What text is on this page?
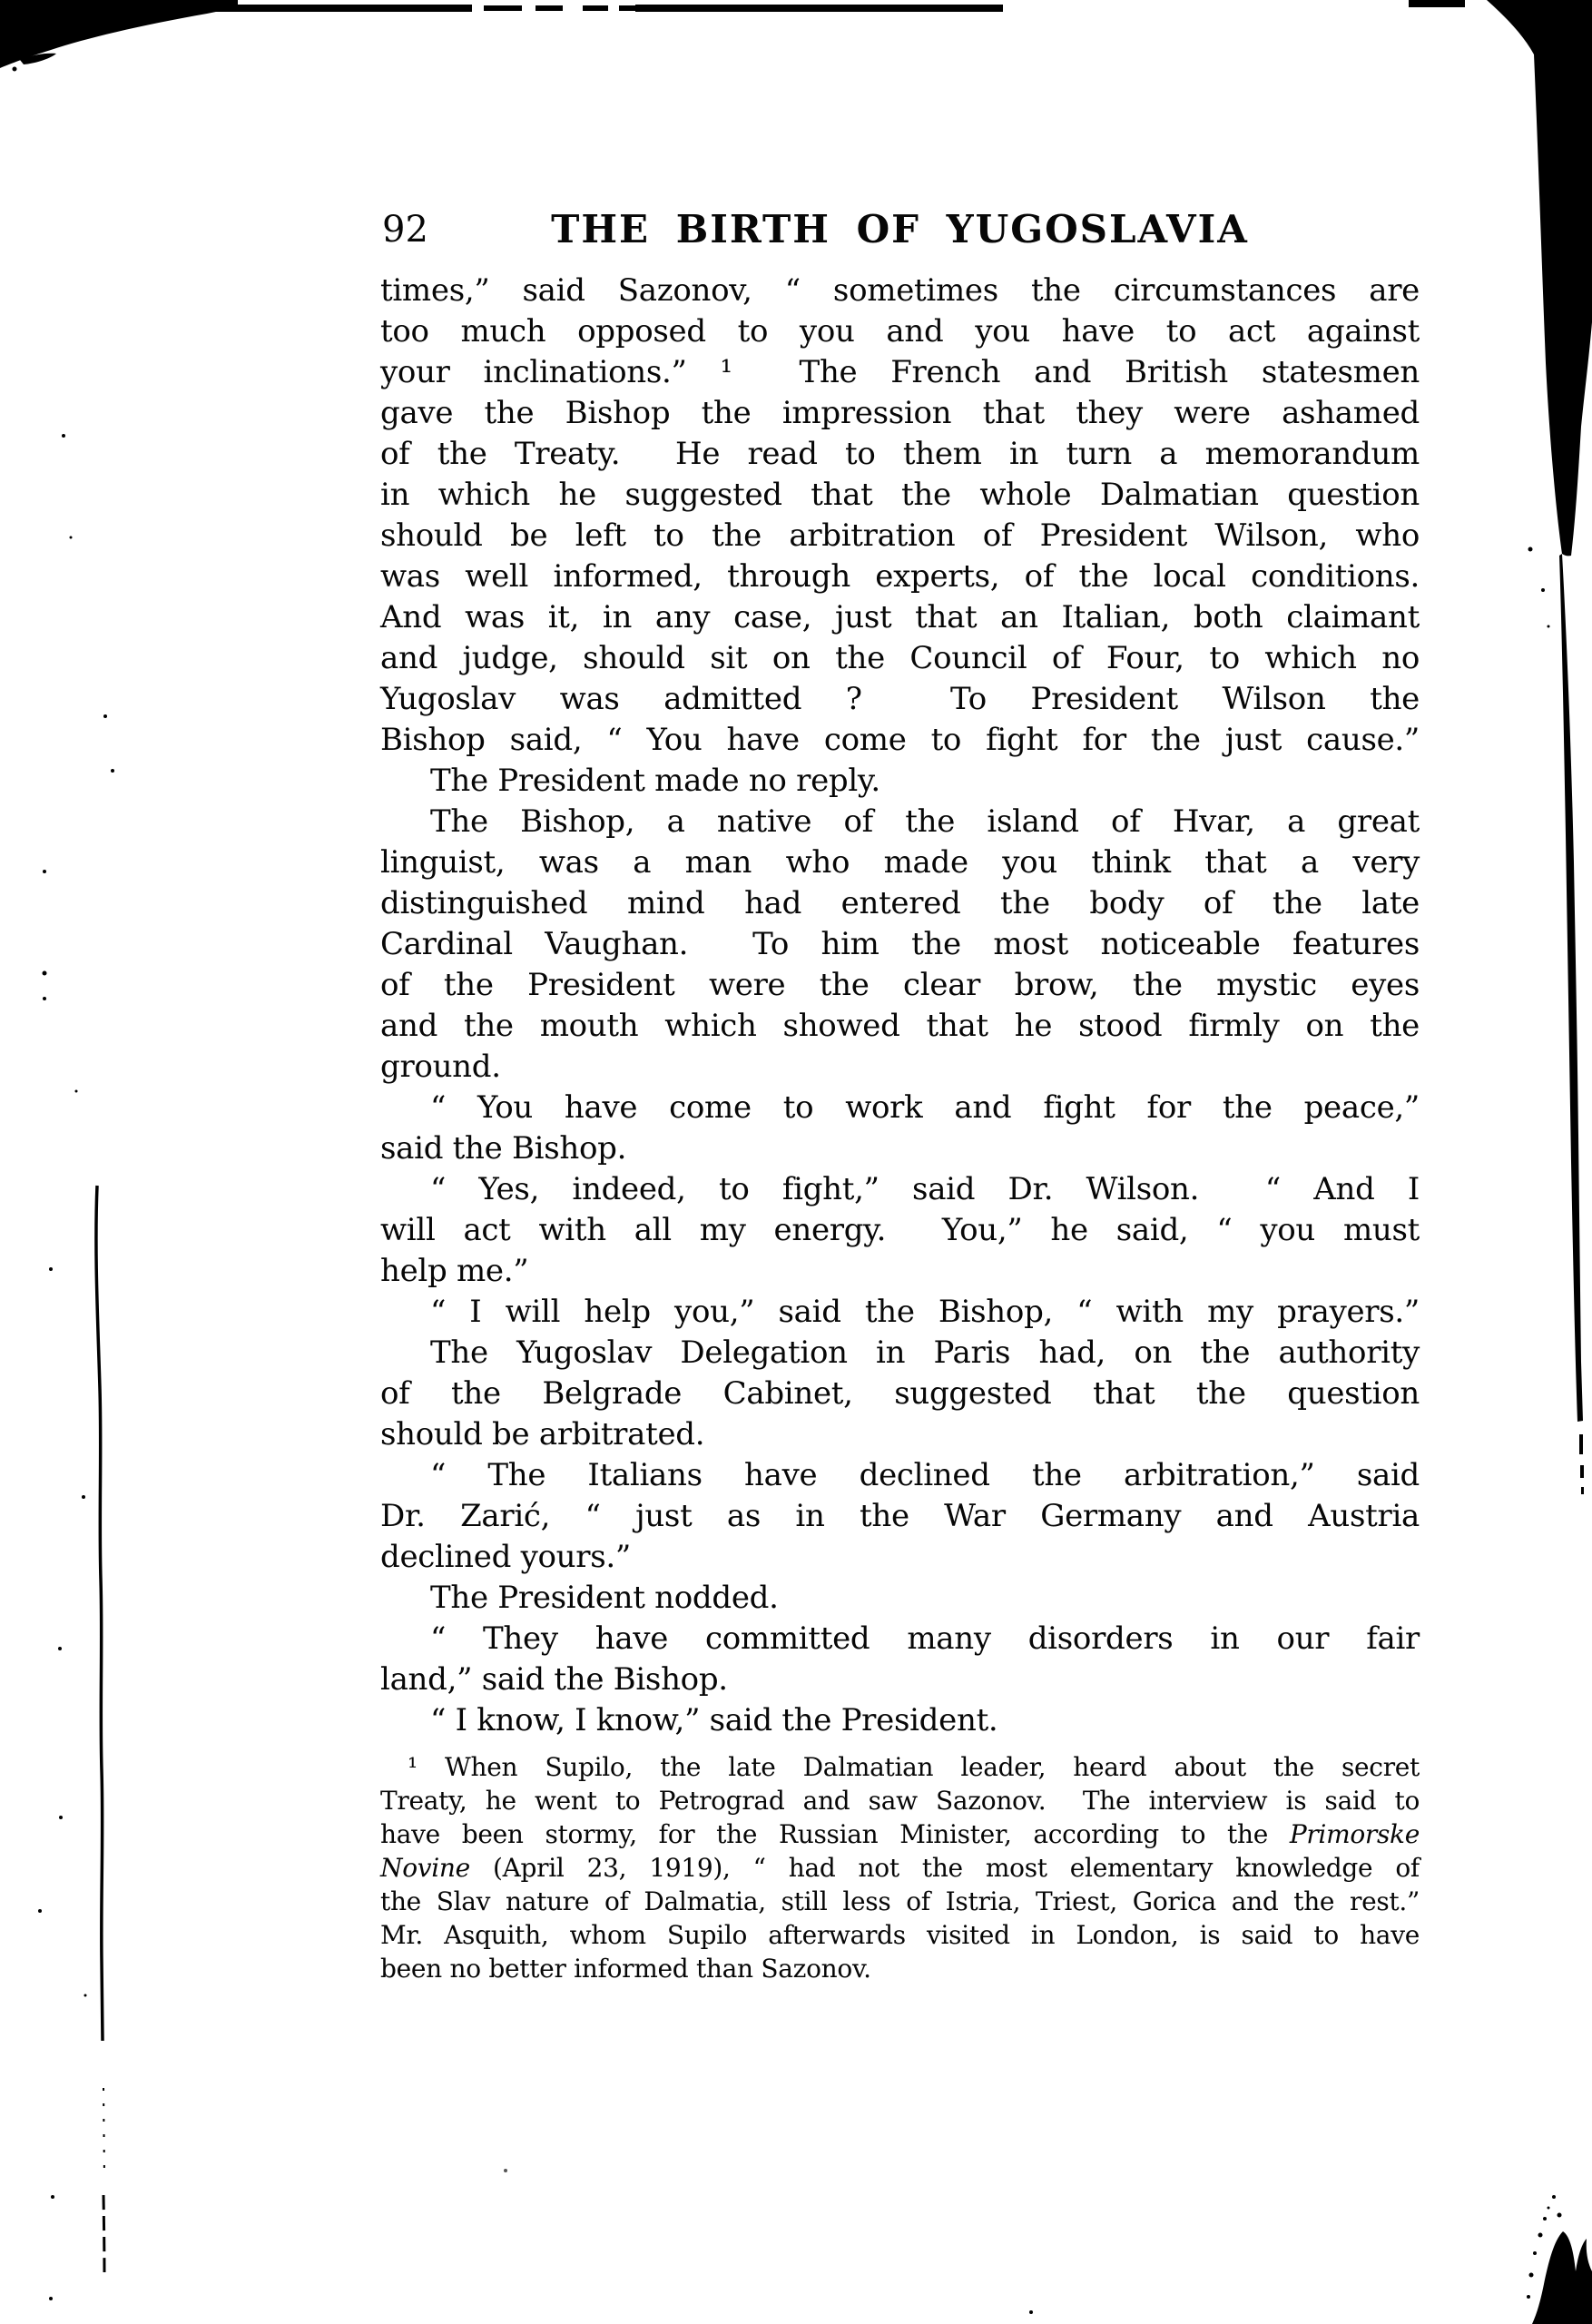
92	THE BIRTH OF YUGOSLAVIA
times,” said Sazonov, “ sometimes the circumstances are
too much opposed to you and you have to act against
your inclinations.” ¹  The French and British statesmen
gave the Bishop the impression that they were ashamed
of the Treaty.  He read to them in turn a memorandum
in which he suggested that the whole Dalmatian question
should be left to the arbitration of President Wilson, who
was well informed, through experts, of the local conditions.
And was it, in any case, just that an Italian, both claimant
and judge, should sit on the Council of Four, to which no
Yugoslav was admitted ?  To President Wilson the
Bishop said, “ You have come to fight for the just cause.”
The President made no reply.
The Bishop, a native of the island of Hvar, a great
linguist, was a man who made you think that a very
distinguished mind had entered the body of the late
Cardinal Vaughan.  To him the most noticeable features
of the President were the clear brow, the mystic eyes
and the mouth which showed that he stood firmly on the
ground.
“ You have come to work and fight for the peace,”
said the Bishop.
“ Yes, indeed, to fight,” said Dr. Wilson.  “ And I
will act with all my energy.  You,” he said, “ you must
help me.”
“ I will help you,” said the Bishop, “ with my prayers.”
The Yugoslav Delegation in Paris had, on the authority
of the Belgrade Cabinet, suggested that the question
should be arbitrated.
“ The Italians have declined the arbitration,” said
Dr. Zarić, “ just as in the War Germany and Austria
declined yours.”
The President nodded.
“ They have committed many disorders in our fair
land,” said the Bishop.
“ I know, I know,” said the President.
¹ When Supilo, the late Dalmatian leader, heard about the secret
Treaty, he went to Petrograd and saw Sazonov.  The interview is said to
have been stormy, for the Russian Minister, according to the Primorske
Novine (April 23, 1919), “ had not the most elementary knowledge of
the Slav nature of Dalmatia, still less of Istria, Triest, Gorica and the rest.”
Mr. Asquith, whom Supilo afterwards visited in London, is said to have
been no better informed than Sazonov.
